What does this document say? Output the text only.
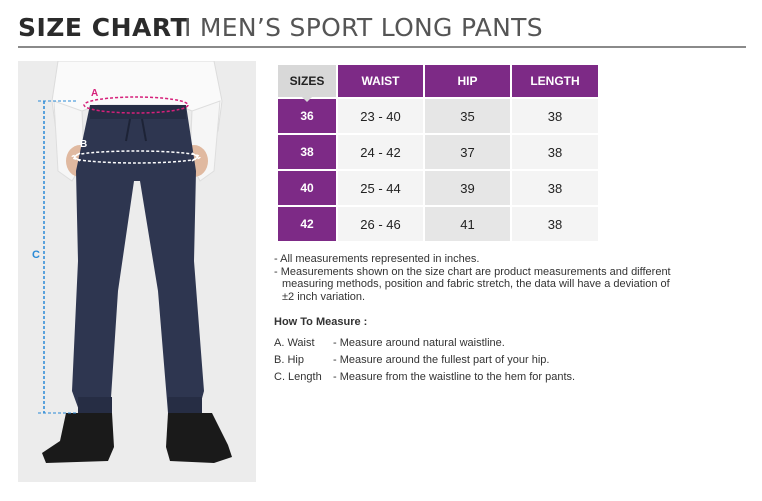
SIZE CHART
I MEN’S SPORT LONG PANTS
A
B
C
SIZES	WAIST	HIP	LENGTH
36	23 - 40	35	38
38	24 - 42	37	38
40	25 - 44	39	38
42	26 - 46	41	38
- All measurements represented in inches.
- Measurements shown on the size chart are product measurements and different
measuring methods, position and fabric stretch, the data will have a deviation of
±2 inch variation.
How To Measure :
A. Waist	- Measure around natural waistline.
B. Hip	- Measure around the fullest part of your hip.
C. Length	- Measure from the waistline to the hem for pants.
